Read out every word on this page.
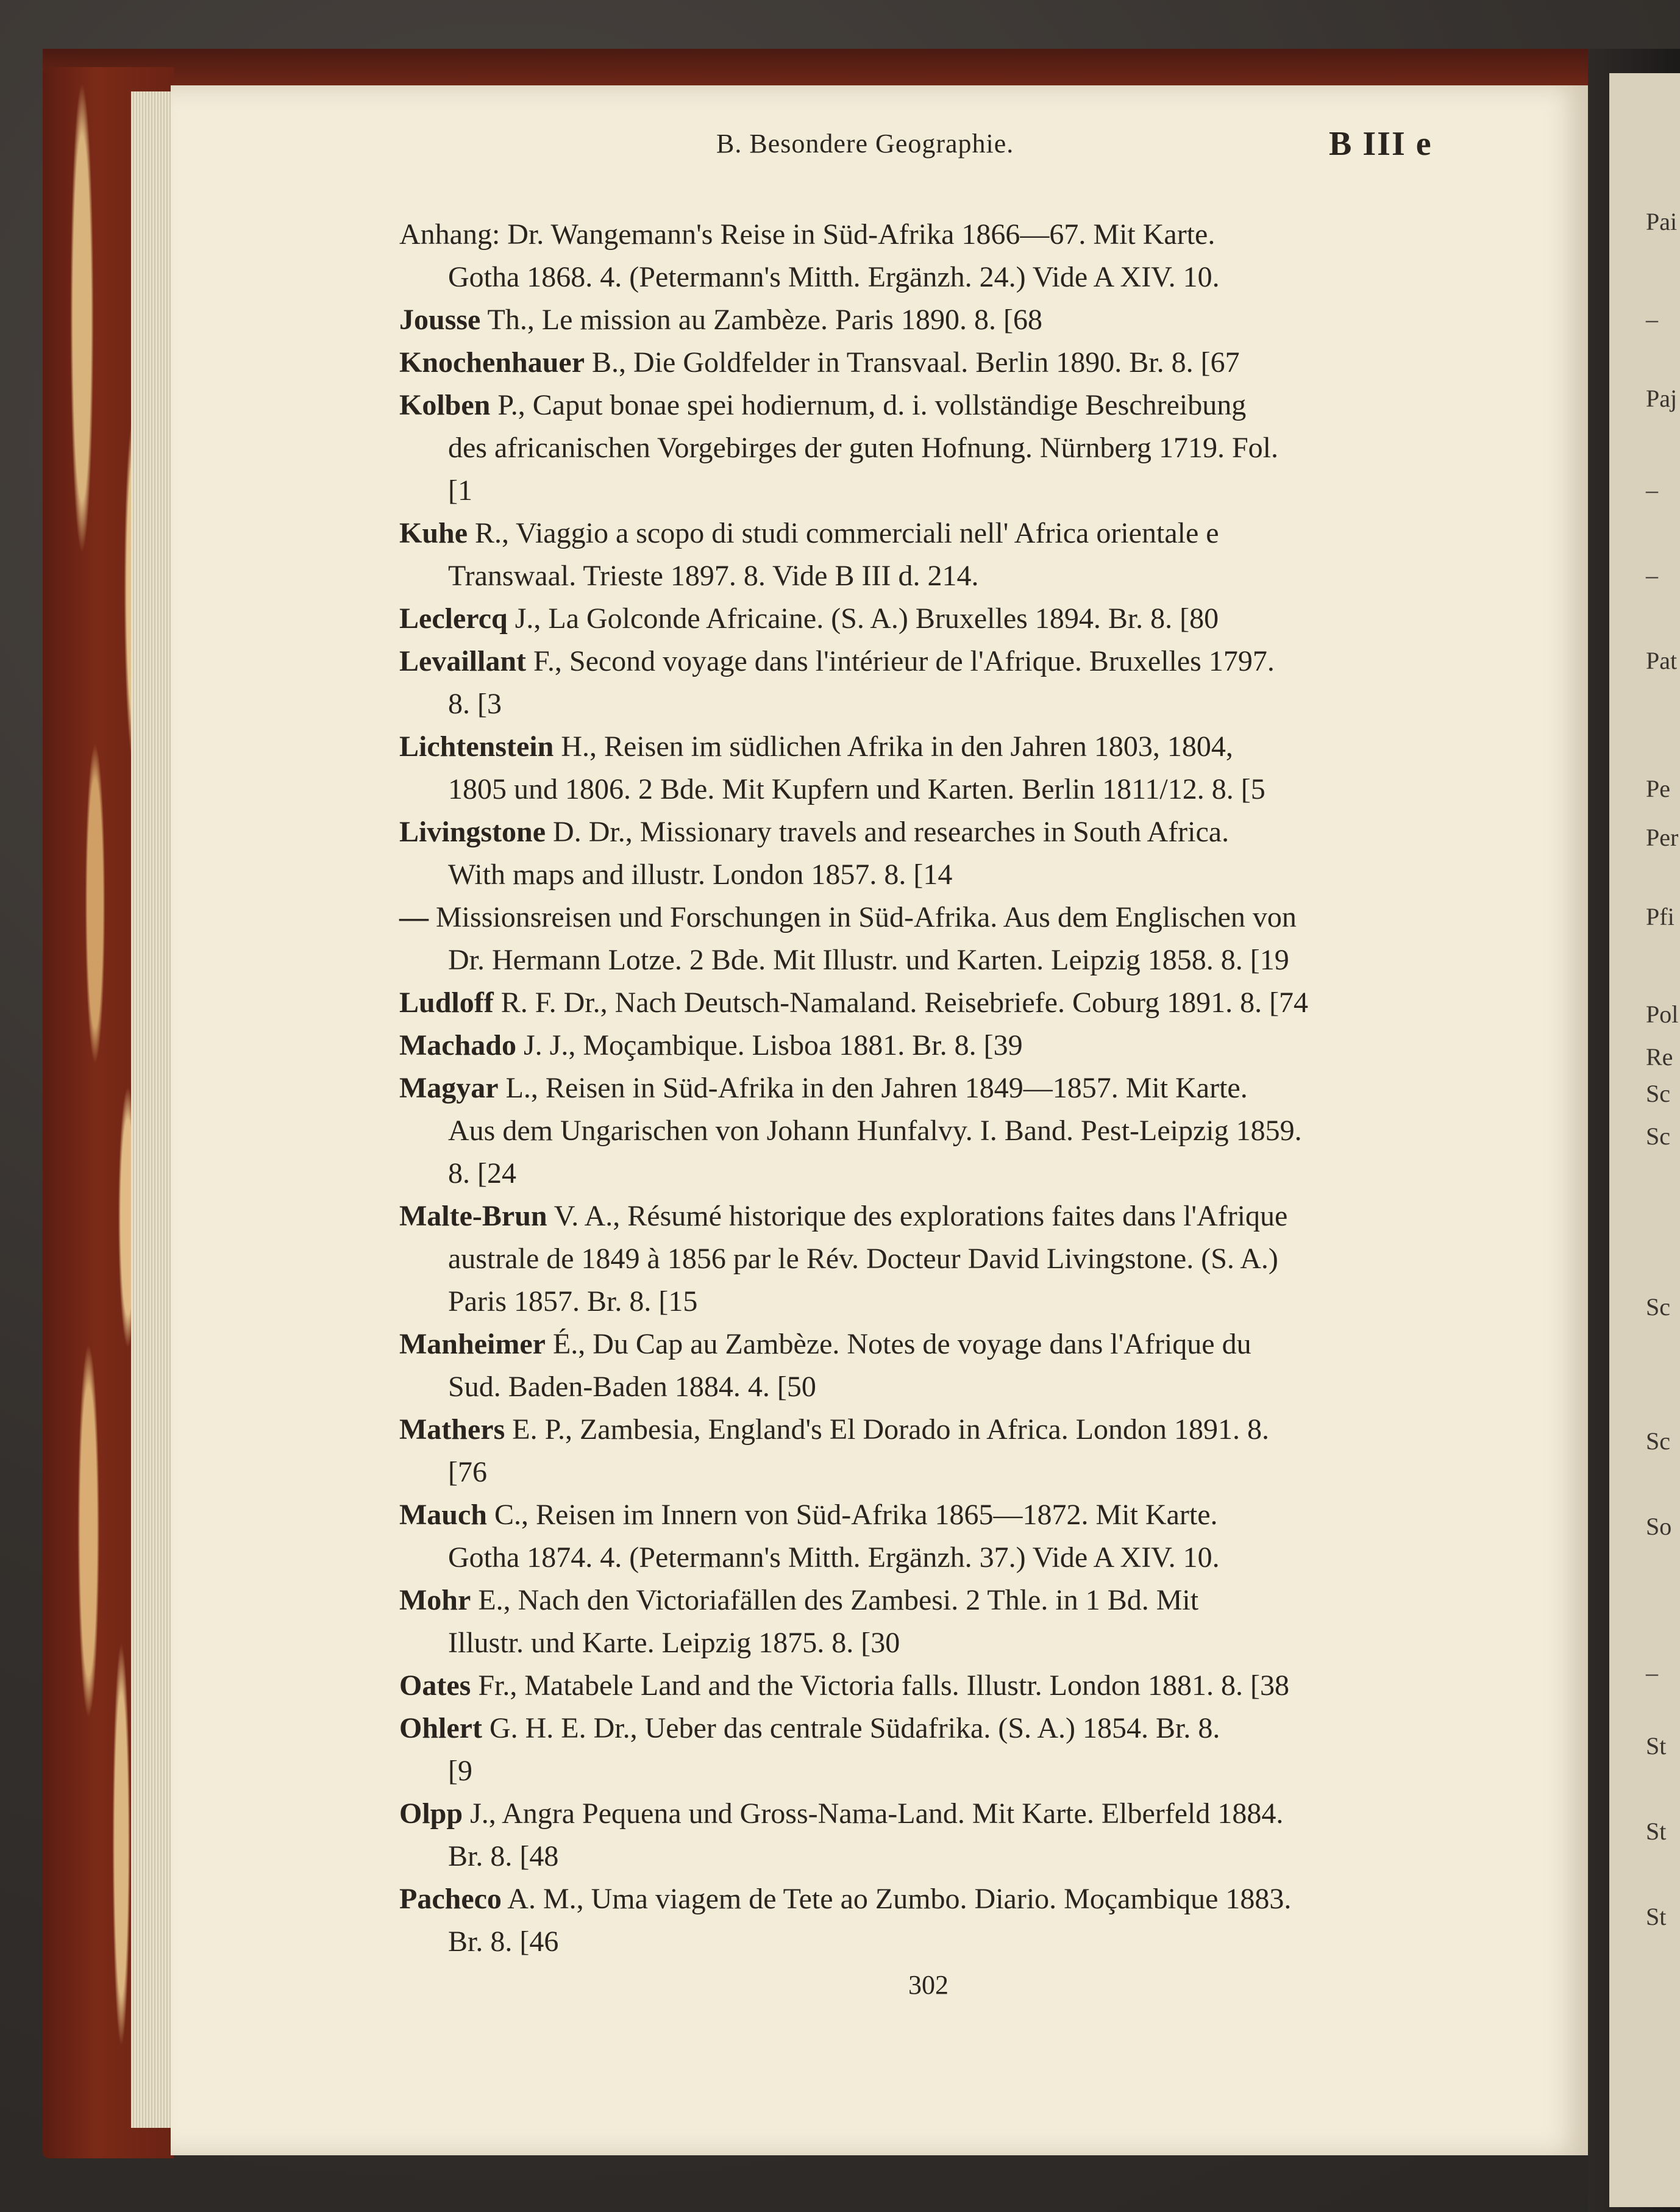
B. Besondere Geographie.	B III e
Anhang: Dr. Wangemann's Reise in Süd-Afrika 1866—67. Mit Karte.
Gotha 1868. 4. (Petermann's Mitth. Ergänzh. 24.) Vide A XIV. 10.
Jousse Th., Le mission au Zambèze. Paris 1890. 8. [68
Knochenhauer B., Die Goldfelder in Transvaal. Berlin 1890. Br. 8. [67
Kolben P., Caput bonae spei hodiernum, d. i. vollständige Beschreibung
des africanischen Vorgebirges der guten Hofnung. Nürnberg 1719. Fol.
[1
Kuhe R., Viaggio a scopo di studi commerciali nell' Africa orientale e
Transwaal. Trieste 1897. 8. Vide B III d. 214.
Leclercq J., La Golconde Africaine. (S. A.) Bruxelles 1894. Br. 8. [80
Levaillant F., Second voyage dans l'intérieur de l'Afrique. Bruxelles 1797.
8. [3
Lichtenstein H., Reisen im südlichen Afrika in den Jahren 1803, 1804,
1805 und 1806. 2 Bde. Mit Kupfern und Karten. Berlin 1811/12. 8. [5
Livingstone D. Dr., Missionary travels and researches in South Africa.
With maps and illustr. London 1857. 8. [14
— Missionsreisen und Forschungen in Süd-Afrika. Aus dem Englischen von
Dr. Hermann Lotze. 2 Bde. Mit Illustr. und Karten. Leipzig 1858. 8. [19
Ludloff R. F. Dr., Nach Deutsch-Namaland. Reisebriefe. Coburg 1891. 8. [74
Machado J. J., Moçambique. Lisboa 1881. Br. 8. [39
Magyar L., Reisen in Süd-Afrika in den Jahren 1849—1857. Mit Karte.
Aus dem Ungarischen von Johann Hunfalvy. I. Band. Pest-Leipzig 1859.
8. [24
Malte-Brun V. A., Résumé historique des explorations faites dans l'Afrique
australe de 1849 à 1856 par le Rév. Docteur David Livingstone. (S. A.)
Paris 1857. Br. 8. [15
Manheimer É., Du Cap au Zambèze. Notes de voyage dans l'Afrique du
Sud. Baden-Baden 1884. 4. [50
Mathers E. P., Zambesia, England's El Dorado in Africa. London 1891. 8.
[76
Mauch C., Reisen im Innern von Süd-Afrika 1865—1872. Mit Karte.
Gotha 1874. 4. (Petermann's Mitth. Ergänzh. 37.) Vide A XIV. 10.
Mohr E., Nach den Victoriafällen des Zambesi. 2 Thle. in 1 Bd. Mit
Illustr. und Karte. Leipzig 1875. 8. [30
Oates Fr., Matabele Land and the Victoria falls. Illustr. London 1881. 8. [38
Ohlert G. H. E. Dr., Ueber das centrale Südafrika. (S. A.) 1854. Br. 8.
[9
Olpp J., Angra Pequena und Gross-Nama-Land. Mit Karte. Elberfeld 1884.
Br. 8. [48
Pacheco A. M., Uma viagem de Tete ao Zumbo. Diario. Moçambique 1883.
Br. 8. [46
302
Pai
–
Paj
–
–
Pat
Pe
Per
Pfi
Pol
Re
Sc
Sc
Sc
Sc
So
–
St
St
St
